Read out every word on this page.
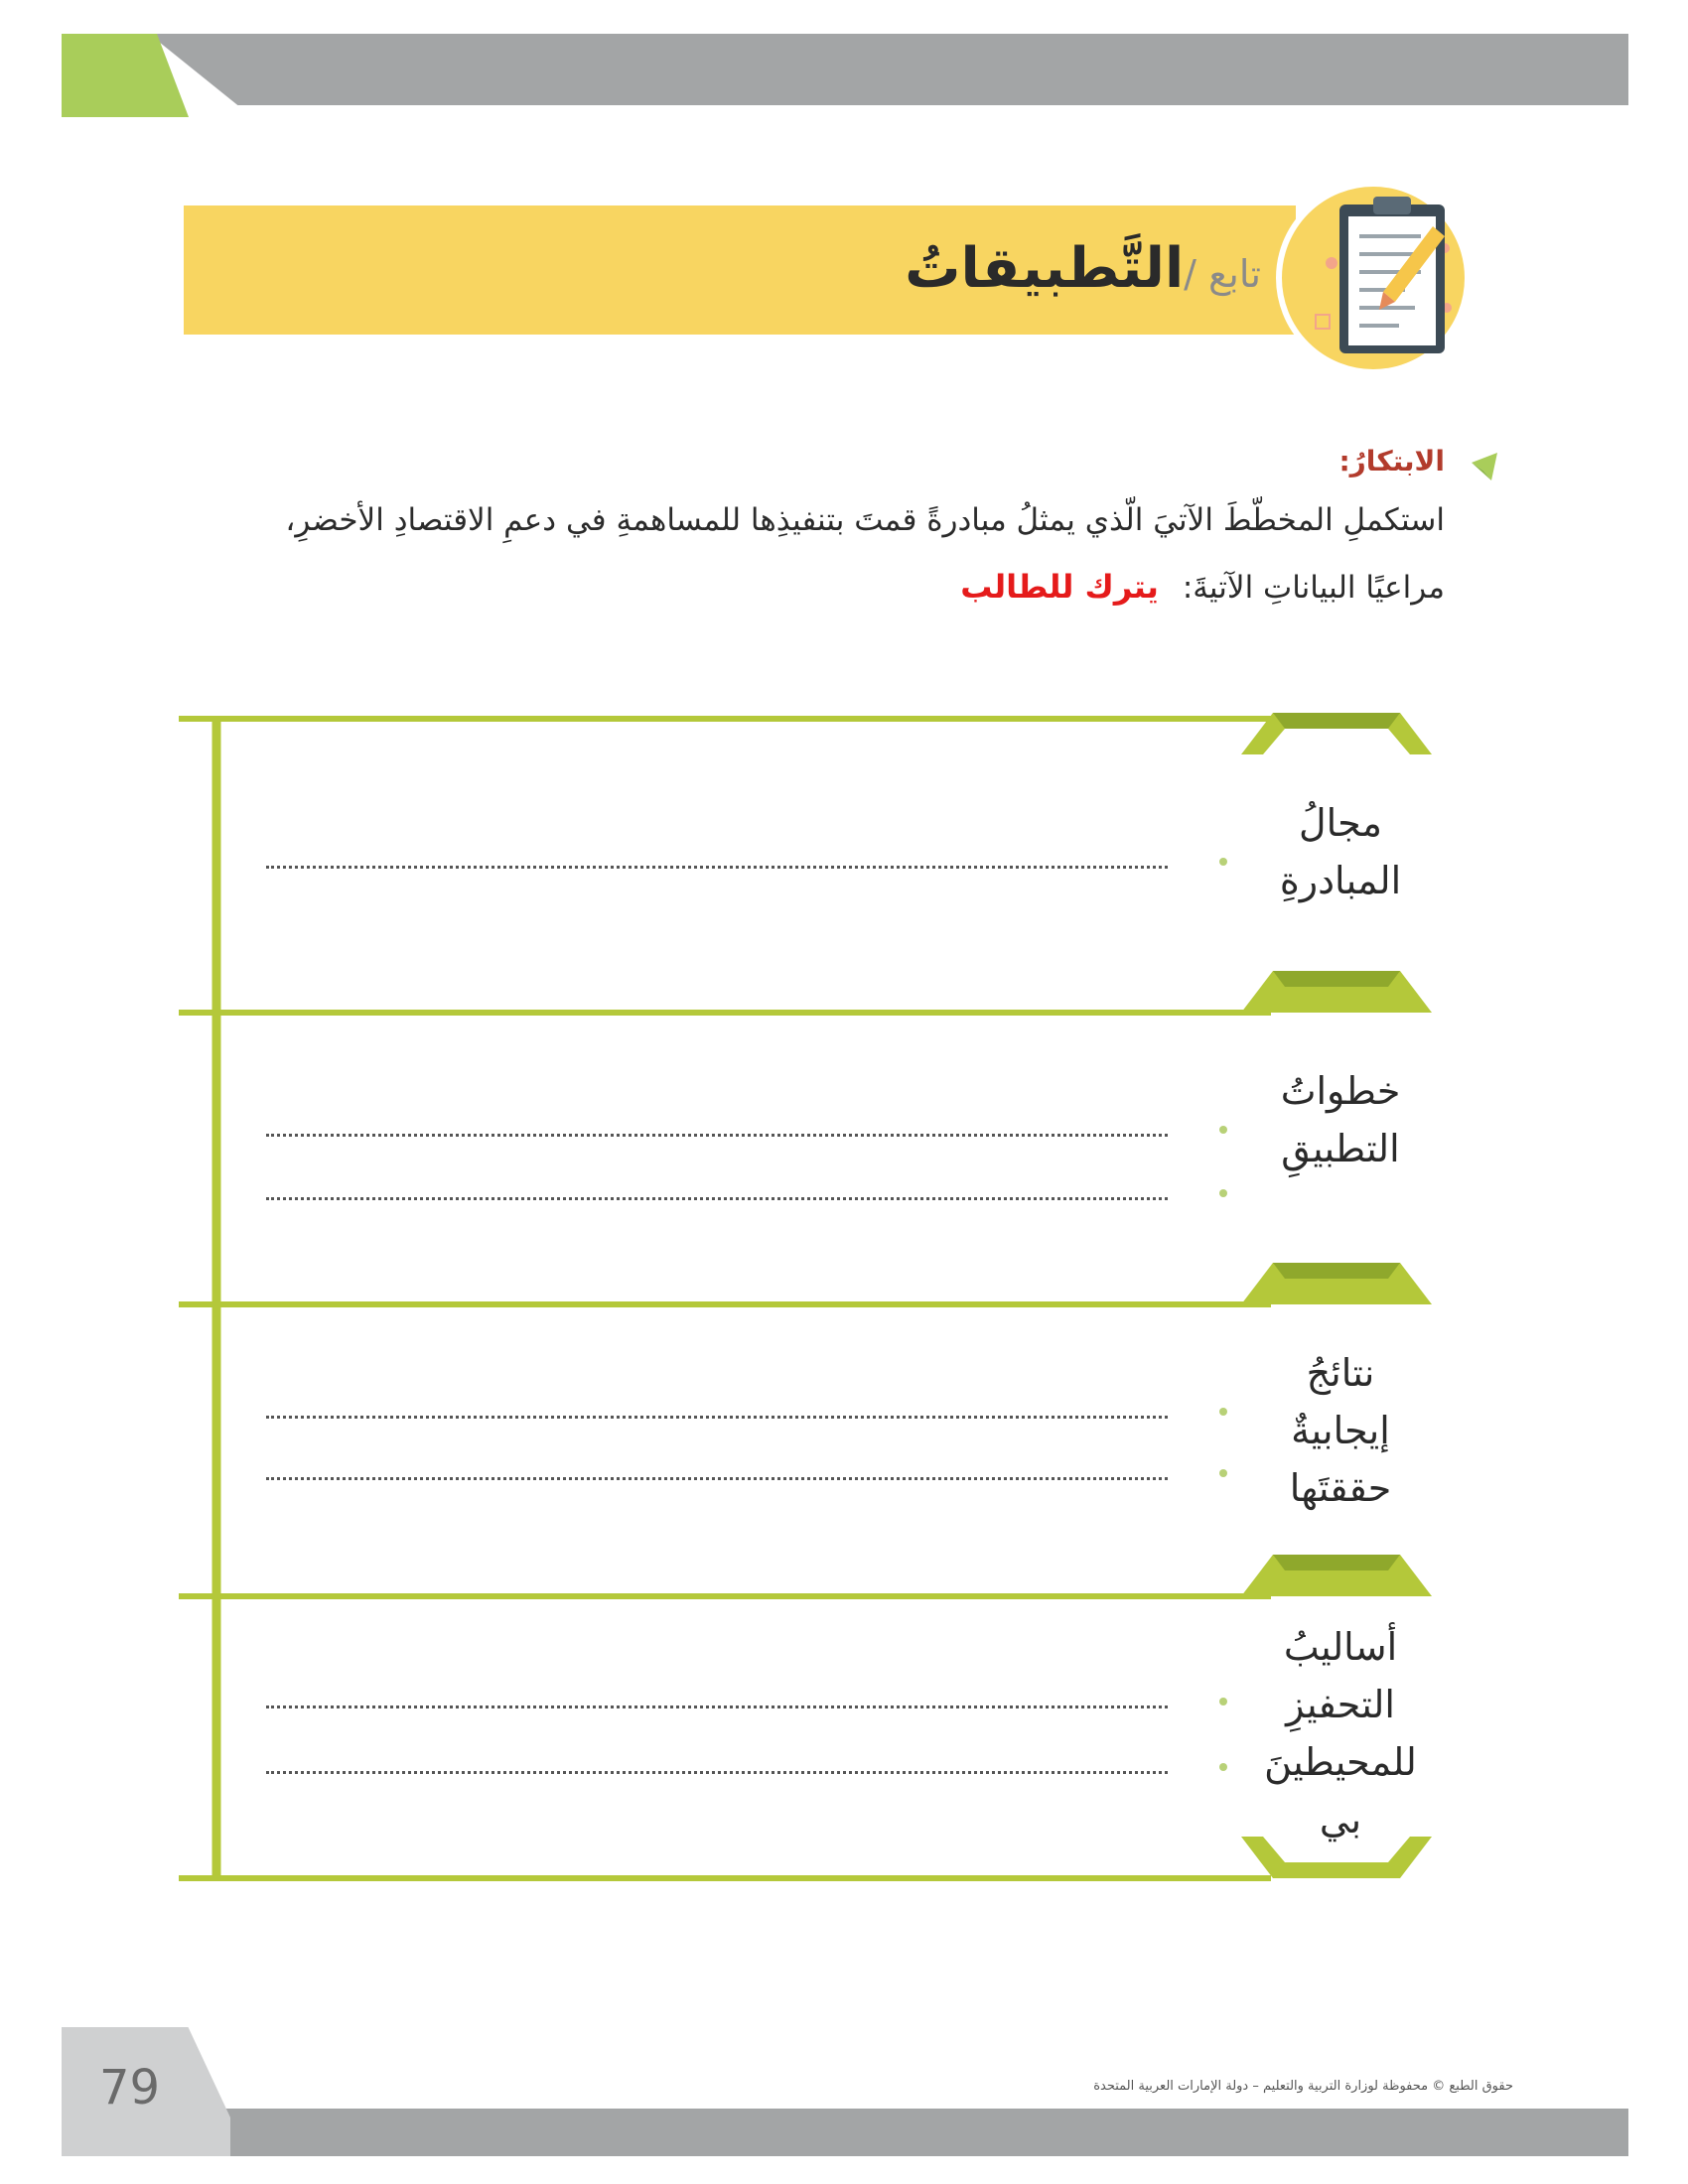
تابع /التَّطبيقاتُ
الابتكارُ:
استكملِ المخطّطَ الآتيَ الّذي يمثلُ مبادرةً قمتَ بتنفيذِها للمساهمةِ في دعمِ الاقتصادِ الأخضرِ،
مراعيًا البياناتِ الآتيةَ:يترك للطالب
مجالُ
المبادرةِ
خطواتُ
التطبيقِ
نتائجُ
إيجابيةٌ
حققتَها
أساليبُ
التحفيزِ
للمحيطينَ
بي
79	حقوق الطبع © محفوظة لوزارة التربية والتعليم – دولة الإمارات العربية المتحدة
